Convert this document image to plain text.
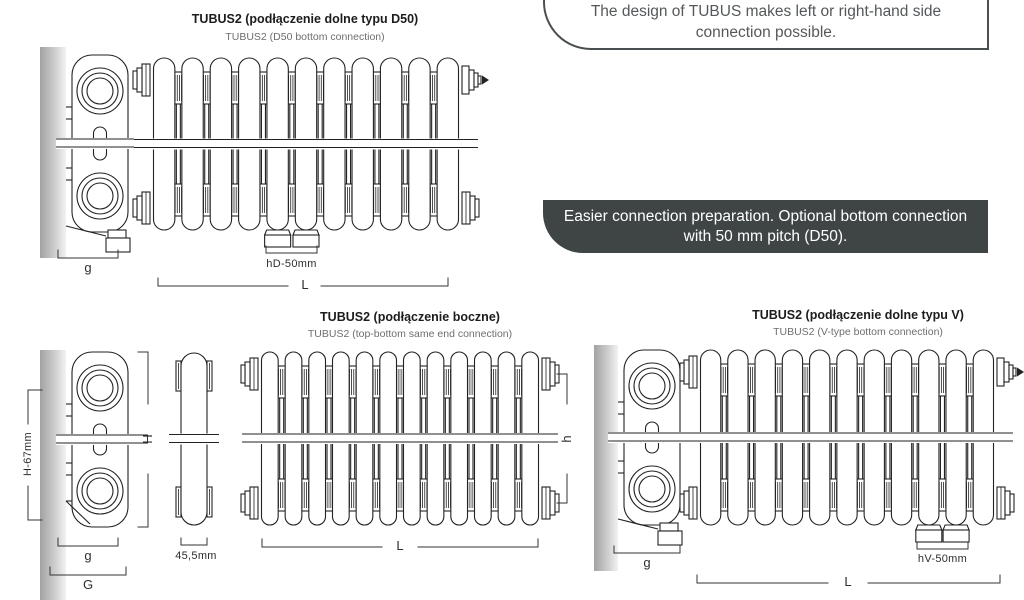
TUBUS2 (podłączenie dolne typu D50)
TUBUS2 (D50 bottom connection)
TUBUS2 (podłączenie boczne)
TUBUS2 (top-bottom same end connection)
TUBUS2 (podłączenie dolne typu V)
TUBUS2 (V-type bottom connection)
The design of TUBUS makes left or right-hand side connection possible.
Easier connection preparation. Optional bottom connection with 50 mm pitch (D50).
g	hD-50mm
L
H-67mm	H	h
g
G
45,5mm
L
g	hV-50mm
L
